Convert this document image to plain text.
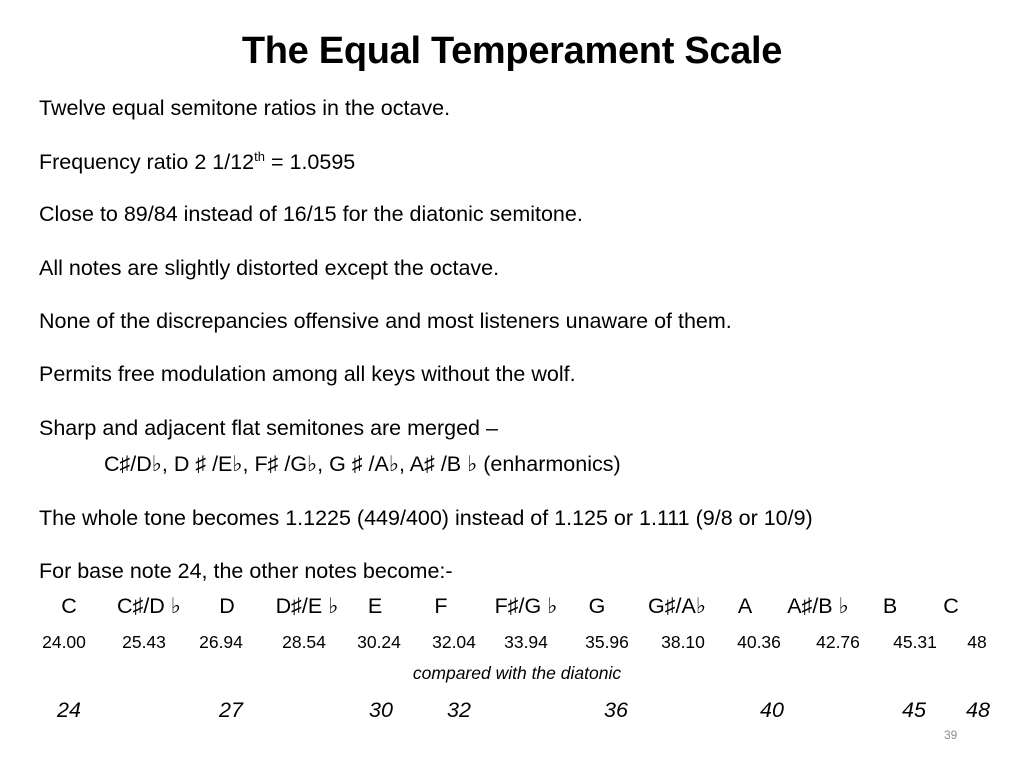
The Equal Temperament Scale
Twelve equal semitone ratios in the octave.
Frequency ratio 2 1/12th = 1.0595
Close to 89/84 instead of 16/15 for the diatonic semitone.
All notes are slightly distorted except the octave.
None of the discrepancies offensive and most listeners unaware of them.
Permits free modulation among all keys without the wolf.
Sharp and adjacent flat semitones are merged –
C♯/D♭, D ♯ /E♭, F♯ /G♭, G ♯ /A♭, A♯ /B ♭ (enharmonics)
The whole tone becomes 1.1225 (449/400) instead of 1.125 or 1.111 (9/8 or 10/9)
For base note 24, the other notes become:-
C C♯/D ♭ D D♯/E ♭ E F F♯/G ♭ G G♯/A♭ A A♯/B ♭ B C
24.00 25.43 26.94 28.54 30.24 32.04 33.94 35.96 38.10 40.36 42.76 45.31 48
compared with the diatonic
24	27	30	32	36	40	45 48
39
